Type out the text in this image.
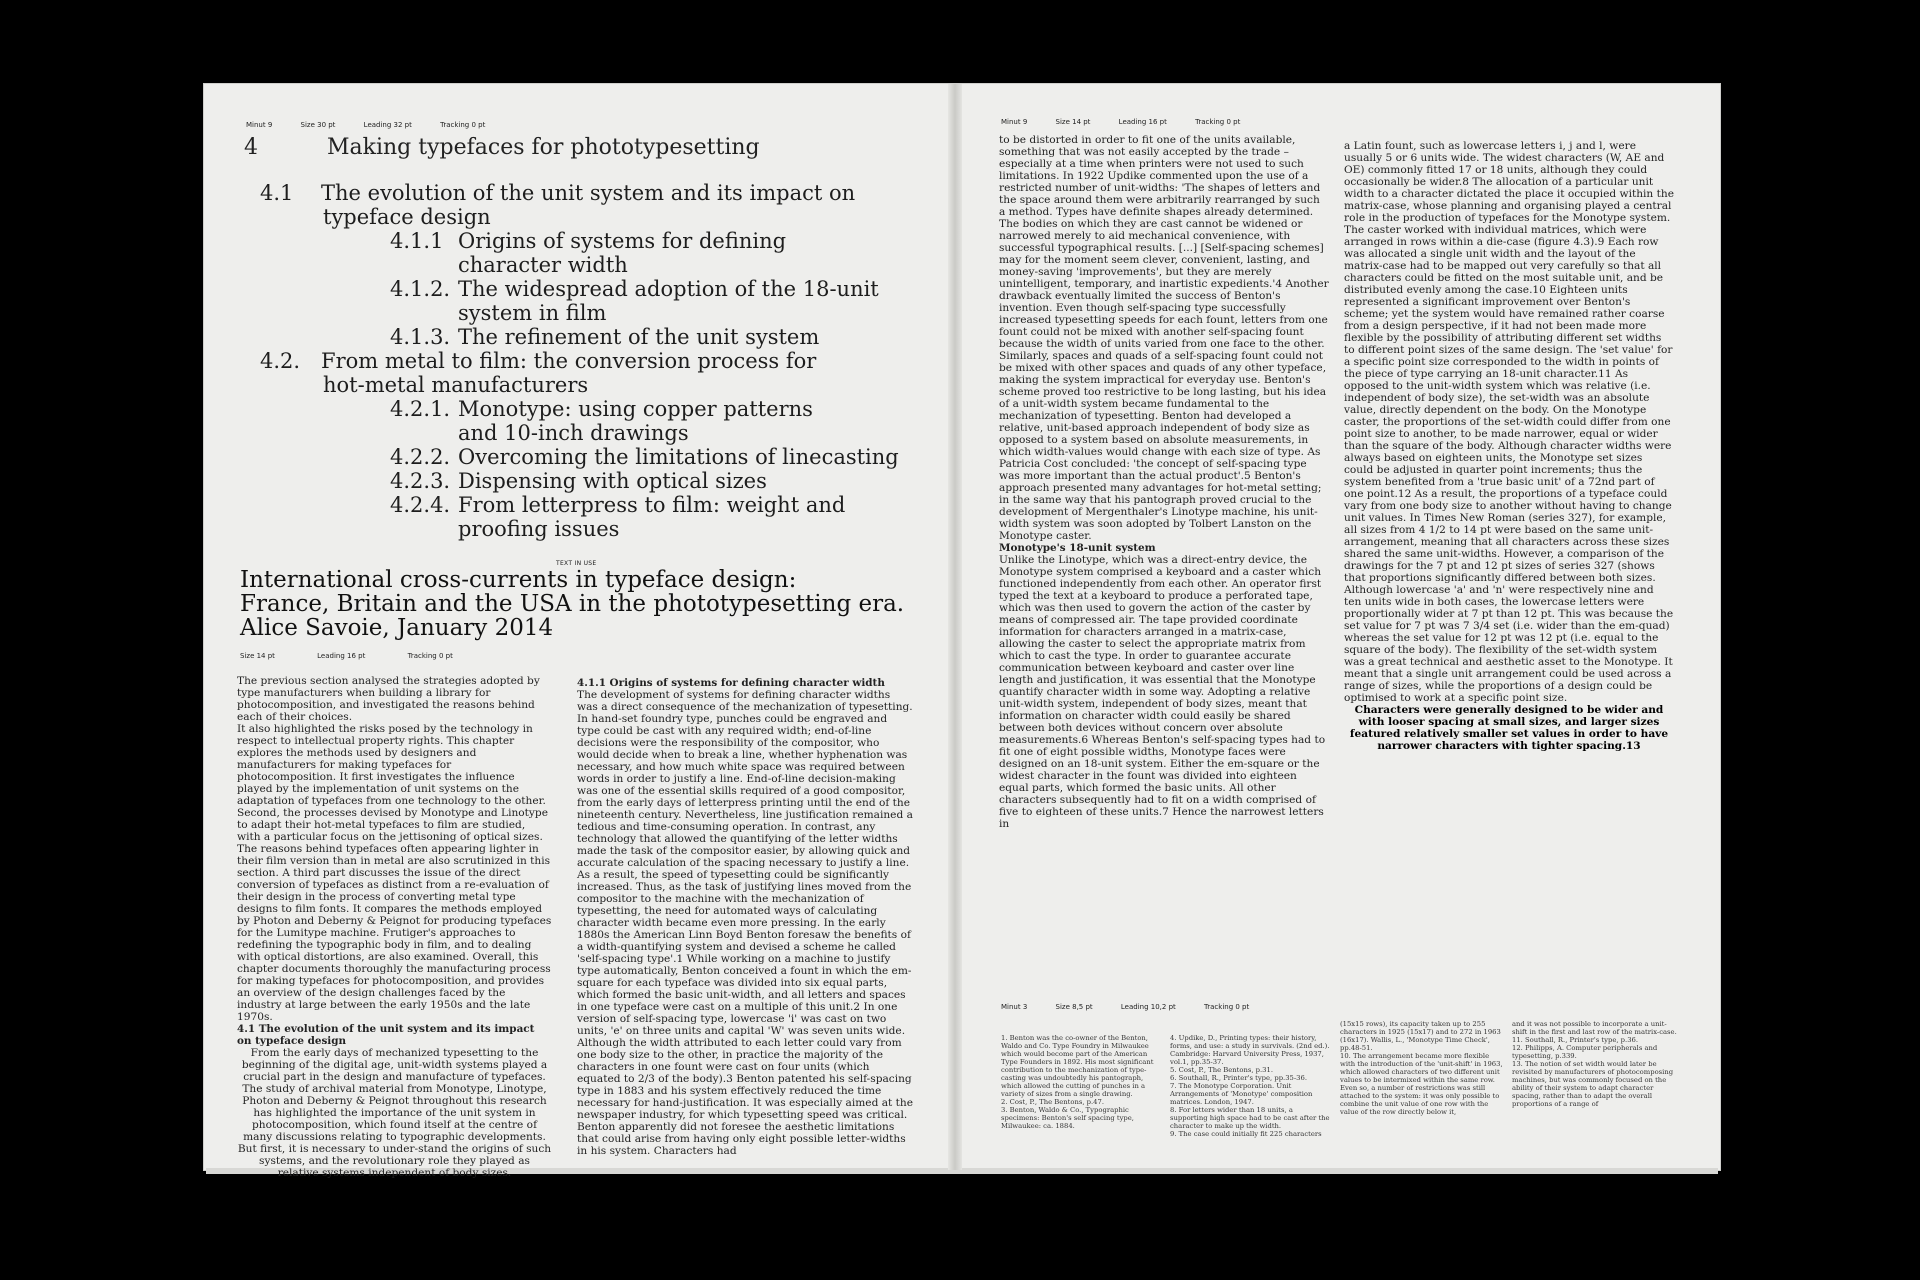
Minut 9	Size 30 pt	Leading 32 pt	Tracking 0 pt
4	Making typefaces for phototypesetting
4.1	The evolution of the unit system and its impact on
typeface design
4.1.1 Origins of systems for defining
character width
4.1.2. The widespread adoption of the 18-unit
system in film
4.1.3. The refinement of the unit system
4.2. From metal to film: the conversion process for
hot-metal manufacturers
4.2.1. Monotype: using copper patterns
and 10-inch drawings
4.2.2. Overcoming the limitations of linecasting
4.2.3. Dispensing with optical sizes
4.2.4. From letterpress to film: weight and
proofing issues
TEXT IN USE
International cross-currents in typeface design:
France, Britain and the USA in the phototypesetting era.
Alice Savoie, January 2014
Size 14 pt	Leading 16 pt	Tracking 0 pt

The previous section analysed the strategies adopted by type manufacturers when building a library for photocomposition, and investigated the reasons behind each of their choices.

It also highlighted the risks posed by the technology in respect to intellectual property rights. This chapter explores the methods used by designers and manufacturers for making typefaces for photocomposition. It first investigates the influence played by the implementation of unit systems on the adaptation of typefaces from one technology to the other. Second, the processes devised by Monotype and Linotype to adapt their hot-metal typefaces to film are studied, with a particular focus on the jettisoning of optical sizes. The reasons behind typefaces often appearing lighter in their film version than in metal are also scrutinized in this section. A third part discusses the issue of the direct conversion of typefaces as distinct from a re-evaluation of their design in the process of converting metal type designs to film fonts. It compares the methods employed by Photon and Deberny & Peignot for producing typefaces for the Lumitype machine. Frutiger's approaches to redefining the typographic body in film, and to dealing with optical distortions, are also examined. Overall, this chapter documents thoroughly the manufacturing process for making typefaces for photocomposition, and provides an overview of the design challenges faced by the industry at large between the early 1950s and the late 1970s.

4.1 The evolution of the unit system and its impact on typeface design

From the early days of mechanized typesetting to the beginning of the digital age, unit-width systems played a crucial part in the design and manufacture of typefaces. The study of archival material from Monotype, Linotype, Photon and Deberny & Peignot throughout this research has highlighted the importance of the unit system in photocomposition, which found itself at the centre of many discussions relating to typographic developments. But first, it is necessary to under-stand the origins of such systems, and the revolutionary role they played as relative systems independent of body sizes.

4.1.1 Origins of systems for defining character width

The development of systems for defining character widths was a direct consequence of the mechanization of typesetting. In hand-set foundry type, punches could be engraved and type could be cast with any required width; end-of-line decisions were the responsibility of the compositor, who would decide when to break a line, whether hyphenation was necessary, and how much white space was required between words in order to justify a line. End-of-line decision-making was one of the essential skills required of a good compositor, from the early days of letterpress printing until the end of the nineteenth century. Nevertheless, line justification remained a tedious and time-consuming operation. In contrast, any technology that allowed the quantifying of the letter widths made the task of the compositor easier, by allowing quick and accurate calculation of the spacing necessary to justify a line. As a result, the speed of typesetting could be significantly increased. Thus, as the task of justifying lines moved from the compositor to the machine with the mechanization of typesetting, the need for automated ways of calculating character width became even more pressing. In the early 1880s the American Linn Boyd Benton foresaw the benefits of a width-quantifying system and devised a scheme he called 'self-spacing type'.1 While working on a machine to justify type automatically, Benton conceived a fount in which the em-square for each typeface was divided into six equal parts, which formed the basic unit-width, and all letters and spaces in one typeface were cast on a multiple of this unit.2 In one version of self-spacing type, lowercase 'i' was cast on two units, 'e' on three units and capital 'W' was seven units wide. Although the width attributed to each letter could vary from one body size to the other, in practice the majority of the characters in one fount were cast on four units (which equated to 2/3 of the body).3 Benton patented his self-spacing type in 1883 and his system effectively reduced the time necessary for hand-justification. It was especially aimed at the newspaper industry, for which typesetting speed was critical. Benton apparently did not foresee the aesthetic limitations that could arise from having only eight possible letter-widths in his system. Characters had

Minut 9	Size 14 pt	Leading 16 pt	Tracking 0 pt

to be distorted in order to fit one of the units available, something that was not easily accepted by the trade – especially at a time when printers were not used to such limitations. In 1922 Updike commented upon the use of a restricted number of unit-widths: 'The shapes of letters and the space around them were arbitrarily rearranged by such a method. Types have definite shapes already determined. The bodies on which they are cast cannot be widened or narrowed merely to aid mechanical convenience, with successful typographical results. [...] [Self-spacing schemes] may for the moment seem clever, convenient, lasting, and money-saving 'improvements', but they are merely unintelligent, temporary, and inartistic expedients.'4 Another drawback eventually limited the success of Benton's invention. Even though self-spacing type successfully increased typesetting speeds for each fount, letters from one fount could not be mixed with another self-spacing fount because the width of units varied from one face to the other. Similarly, spaces and quads of a self-spacing fount could not be mixed with other spaces and quads of any other typeface, making the system impractical for everyday use. Benton's scheme proved too restrictive to be long lasting, but his idea of a unit-width system became fundamental to the mechanization of typesetting. Benton had developed a relative, unit-based approach independent of body size as opposed to a system based on absolute measurements, in which width-values would change with each size of type. As Patricia Cost concluded: 'the concept of self-spacing type was more important than the actual product'.5 Benton's approach presented many advantages for hot-metal setting; in the same way that his pantograph proved crucial to the development of Mergenthaler's Linotype machine, his unit-width system was soon adopted by Tolbert Lanston on the Monotype caster.

Monotype's 18-unit system

Unlike the Linotype, which was a direct-entry device, the Monotype system comprised a keyboard and a caster which functioned independently from each other. An operator first typed the text at a keyboard to produce a perforated tape, which was then used to govern the action of the caster by means of compressed air. The tape provided coordinate information for characters arranged in a matrix-case, allowing the caster to select the appropriate matrix from which to cast the type. In order to guarantee accurate communication between keyboard and caster over line length and justification, it was essential that the Monotype quantify character width in some way. Adopting a relative unit-width system, independent of body sizes, meant that information on character width could easily be shared between both devices without concern over absolute measurements.6 Whereas Benton's self-spacing types had to fit one of eight possible widths, Monotype faces were designed on an 18-unit system. Either the em-square or the widest character in the fount was divided into eighteen equal parts, which formed the basic units. All other characters subsequently had to fit on a width comprised of five to eighteen of these units.7 Hence the narrowest letters in

a Latin fount, such as lowercase letters i, j and l, were usually 5 or 6 units wide. The widest characters (W, AE and OE) commonly fitted 17 or 18 units, although they could occasionally be wider.8 The allocation of a particular unit width to a character dictated the place it occupied within the matrix-case, whose planning and organising played a central role in the production of typefaces for the Monotype system. The caster worked with individual matrices, which were arranged in rows within a die-case (figure 4.3).9 Each row was allocated a single unit width and the layout of the matrix-case had to be mapped out very carefully so that all characters could be fitted on the most suitable unit, and be distributed evenly among the case.10 Eighteen units represented a significant improvement over Benton's scheme; yet the system would have remained rather coarse from a design perspective, if it had not been made more flexible by the possibility of attributing different set widths to different point sizes of the same design. The 'set value' for a specific point size corresponded to the width in points of the piece of type carrying an 18-unit character.11 As opposed to the unit-width system which was relative (i.e. independent of body size), the set-width was an absolute value, directly dependent on the body. On the Monotype caster, the proportions of the set-width could differ from one point size to another, to be made narrower, equal or wider than the square of the body. Although character widths were always based on eighteen units, the Monotype set sizes could be adjusted in quarter point increments; thus the system benefited from a 'true basic unit' of a 72nd part of one point.12 As a result, the proportions of a typeface could vary from one body size to another without having to change unit values. In Times New Roman (series 327), for example, all sizes from 4 1/2 to 14 pt were based on the same unit-arrangement, meaning that all characters across these sizes shared the same unit-widths. However, a comparison of the drawings for the 7 pt and 12 pt sizes of series 327 (shows that proportions significantly differed between both sizes. Although lowercase 'a' and 'n' were respectively nine and ten units wide in both cases, the lowercase letters were proportionally wider at 7 pt than 12 pt. This was because the set value for 7 pt was 7 3/4 set (i.e. wider than the em-quad) whereas the set value for 12 pt was 12 pt (i.e. equal to the square of the body). The flexibility of the set-width system was a great technical and aesthetic asset to the Monotype. It meant that a single unit arrangement could be used across a range of sizes, while the proportions of a design could be optimised to work at a specific point size.

Characters were generally designed to be wider and with looser spacing at small sizes, and larger sizes featured relatively smaller set values in order to have narrower characters with tighter spacing.13

Minut 3	Size 8,5 pt	Leading 10,2 pt	Tracking 0 pt

1. Benton was the co-owner of the Benton, Waldo and Co. Type Foundry in Milwaukee which would become part of the American Type Founders in 1892. His most significant contribution to the mechanization of type-casting was undoubtedly his pantograph, which allowed the cutting of punches in a variety of sizes from a single drawing.

2. Cost, P., The Bentons, p.47.

3. Benton, Waldo & Co., Typographic specimens: Benton's self spacing type, Milwaukee: ca. 1884.

4. Updike, D., Printing types: their history, forms, and use: a study in survivals. (2nd ed.). Cambridge: Harvard University Press, 1937, vol.1, pp.35-37.

5. Cost, P., The Bentons, p.31.

6. Southall, R., Printer's type, pp.35-36.

7. The Monotype Corporation. Unit Arrangements of 'Monotype' composition matrices. London, 1947.

8. For letters wider than 18 units, a supporting high space had to be cast after the character to make up the width.

9. The case could initially fit 225 characters

(15x15 rows), its capacity taken up to 255 characters in 1925 (15x17) and to 272 in 1963 (16x17). Wallis, L., 'Monotype Time Check', pp.48-51.

10. The arrangement became more flexible with the introduction of the 'unit-shift' in 1963, which allowed characters of two different unit values to be intermixed within the same row. Even so, a number of restrictions was still attached to the system: it was only possible to combine the unit value of one row with the value of the row directly below it,

and it was not possible to incorporate a unit-shift in the first and last row of the matrix-case.

11. Southall, R., Printer's type, p.36.

12. Philipps, A. Computer peripherals and typesetting, p.339.

13. The notion of set width would later be revisited by manufacturers of photocomposing machines, but was commonly focused on the ability of their system to adapt character spacing, rather than to adapt the overall proportions of a range of
